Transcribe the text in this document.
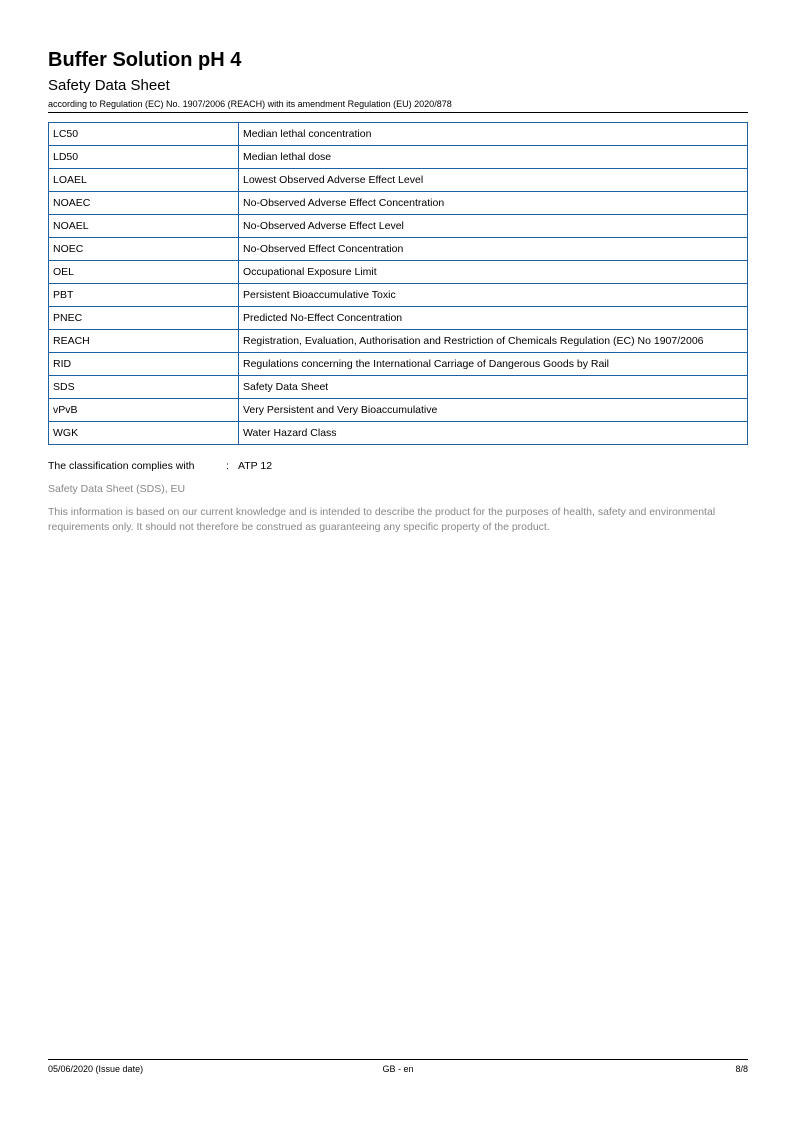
Buffer Solution pH 4
Safety Data Sheet
according to Regulation (EC) No. 1907/2006 (REACH) with its amendment Regulation (EU) 2020/878
LC50	Median lethal concentration
LD50	Median lethal dose
LOAEL	Lowest Observed Adverse Effect Level
NOAEC	No-Observed Adverse Effect Concentration
NOAEL	No-Observed Adverse Effect Level
NOEC	No-Observed Effect Concentration
OEL	Occupational Exposure Limit
PBT	Persistent Bioaccumulative Toxic
PNEC	Predicted No-Effect Concentration
REACH	Registration, Evaluation, Authorisation and Restriction of Chemicals Regulation (EC) No 1907/2006
RID	Regulations concerning the International Carriage of Dangerous Goods by Rail
SDS	Safety Data Sheet
vPvB	Very Persistent and Very Bioaccumulative
WGK	Water Hazard Class
The classification complies with	: ATP 12
Safety Data Sheet (SDS), EU
This information is based on our current knowledge and is intended to describe the product for the purposes of health, safety and environmental requirements only. It should not therefore be construed as guaranteeing any specific property of the product.
05/06/2020 (Issue date)	GB - en	8/8
